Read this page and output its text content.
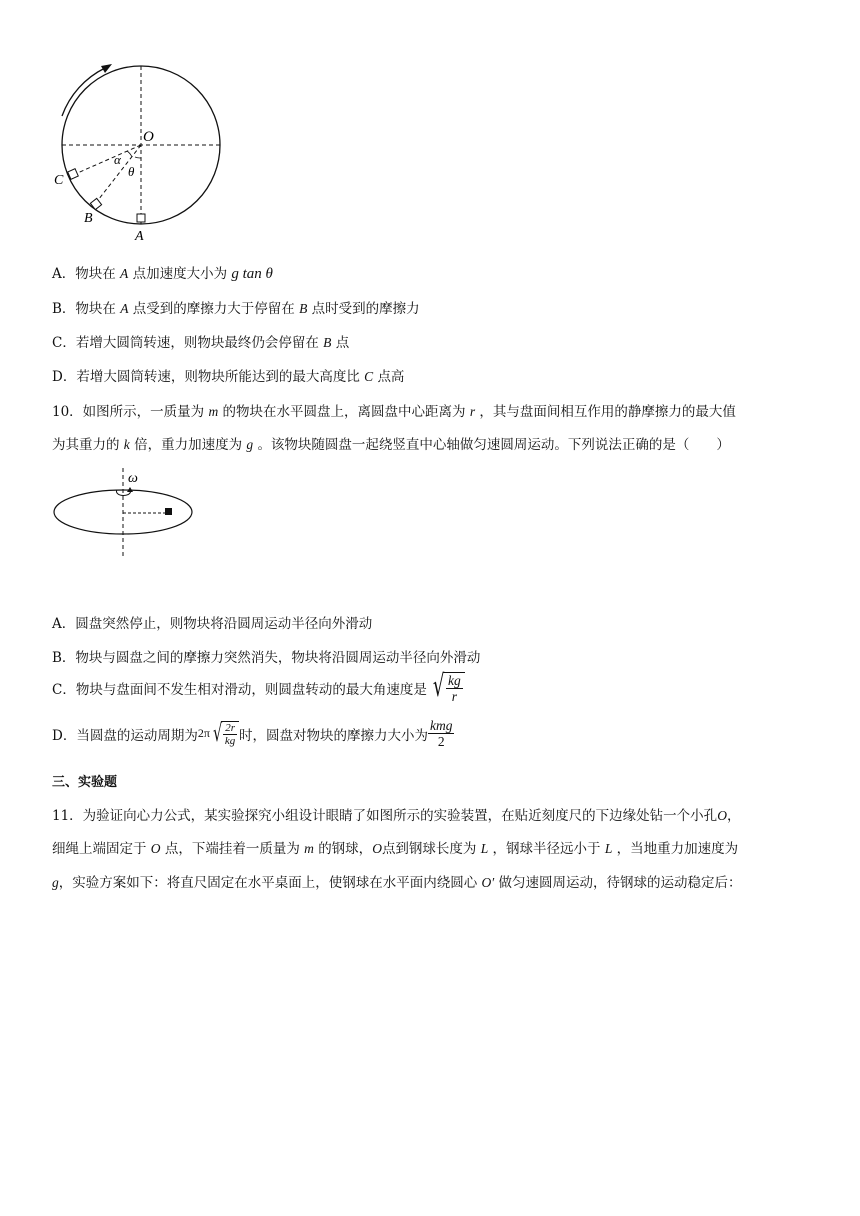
O
α
θ
C
B
A
A．物块在 A 点加速度大小为 g tan θ
B．物块在 A 点受到的摩擦力大于停留在 B 点时受到的摩擦力
C．若增大圆筒转速，则物块最终仍会停留在 B 点
D．若增大圆筒转速，则物块所能达到的最大高度比 C 点高
10．如图所示，一质量为 m 的物块在水平圆盘上，离圆盘中心距离为 r ，其与盘面间相互作用的静摩擦力的最大值
为其重力的 k 倍，重力加速度为 g 。该物块随圆盘一起绕竖直中心轴做匀速圆周运动。下列说法正确的是（　　）
ω
A．圆盘突然停止，则物块将沿圆周运动半径向外滑动
B．物块与圆盘之间的摩擦力突然消失，物块将沿圆周运动半径向外滑动
C．物块与盘面间不发生相对滑动，则圆盘转动的最大角速度是 √ $\frac{kg}{r}$
D．当圆盘的运动周期为 2π √ $\frac{2r}{kg}$ 时，圆盘对物块的摩擦力大小为 $\frac{\text{kmg}}{2}$
三、实验题
11．为验证向心力公式，某实验探究小组设计眼睛了如图所示的实验装置，在贴近刻度尺的下边缘处钻一个小孔O，
细绳上端固定于 O 点，下端挂着一质量为 m 的钢球，O点到钢球长度为 L ，钢球半径远小于 L ，当地重力加速度为
g，实验方案如下：将直尺固定在水平桌面上，使钢球在水平面内绕圆心 O′ 做匀速圆周运动，待钢球的运动稳定后：
